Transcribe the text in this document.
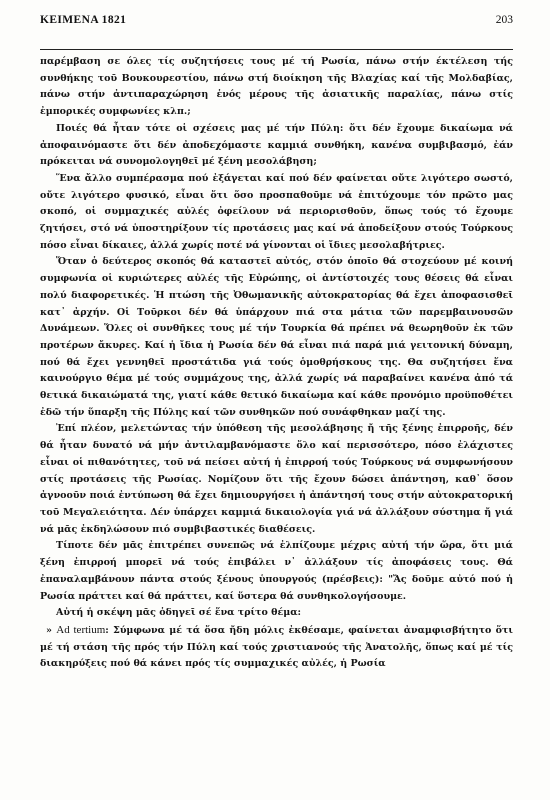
ΚΕΙΜΕΝΑ 1821	203

παρέμβαση σε όλες τίς συζητήσεις τους μέ τή Ρωσία, πάνω στήν έκτέλεση τής συνθήκης τοῦ Βουκουρεστίου, πάνω στή διοίκηση τῆς Βλαχίας καί τῆς Μολδαβίας, πάνω στήν ἀντιπαραχώρηση ἑνός μέρους τῆς ἀσιατικῆς παραλίας, πάνω στίς ἐμπορικές συμφωνίες κλπ.;

Ποιές θά ἦταν τότε οἱ σχέσεις μας μέ τήν Πύλη: ὅτι δέν ἔχουμε δικαίωμα νά ἀποφαινόμαστε ὅτι δέν ἀποδεχόμαστε καμμιά συνθήκη, κανένα συμβιβασμό, ἐάν πρόκειται νά συνομολογηθεῖ μέ ξένη μεσολάβηση;

Ἕνα ἄλλο συμπέρασμα πού ἐξάγεται καί πού δέν φαίνεται οὔτε λιγότερο σωστό, οὔτε λιγότερο φυσικό, εἶναι ὅτι ὅσο προσπαθοῦμε νά ἐπιτύχουμε τόν πρῶτο μας σκοπό, οἱ συμμαχικές αὐλές ὀφείλουν νά περιορισθοῦν, ὅπως τούς τό ἔχουμε ζητήσει, στό νά ὑποστηρίξουν τίς προτάσεις μας καί νά ἀποδείξουν στούς Τούρκους πόσο εἶναι δίκαιες, ἀλλά χωρίς ποτέ νά γίνονται οἱ ἴδιες μεσολαβήτριες.

Ὅταν ὁ δεύτερος σκοπός θά καταστεῖ αὐτός, στόν ὁποῖο θά στοχεύουν μέ κοινή συμφωνία οἱ κυριώτερες αὐλές τῆς Εὐρώπης, οἱ ἀντίστοιχές τους θέσεις θά εἶναι πολύ διαφορετικές. Ἡ πτώση τῆς Ὀθωμανικῆς αὐτοκρατορίας θά ἔχει ἀποφασισθεῖ κατ᾽ ἀρχήν. Οἱ Τοῦρκοι δέν θά ὑπάρχουν πιά στα μάτια τῶν παρεμβαινουσῶν Δυνάμεων. Ὅλες οἱ συνθῆκες τους μέ τήν Τουρκία θά πρέπει νά θεωρηθοῦν ἐκ τῶν προτέρων ἄκυρες. Καί ἡ ἴδια ἡ Ρωσία δέν θά εἶναι πιά παρά μιά γειτονική δύναμη, πού θά ἔχει γεννηθεῖ προστάτιδα γιά τούς ὁμοθρήσκους της. Θα συζητήσει ἕνα καινούργιο θέμα μέ τούς συμμάχους της, ἀλλά χωρίς νά παραβαίνει κανένα ἀπό τά θετικά δικαιώματά της, γιατί κάθε θετικό δικαίωμα καί κάθε προνόμιο προϋποθέτει ἐδῶ τήν ὕπαρξη τῆς Πύλης καί τῶν συνθηκῶν πού συνάφθηκαν μαζί της.

Ἐπί πλέον, μελετώντας τήν ὑπόθεση τῆς μεσολάβησης ἤ τῆς ξένης ἐπιρροῆς, δέν θά ἦταν δυνατό νά μήν ἀντιλαμβανόμαστε ὅλο καί περισσότερο, πόσο ἐλάχιστες εἶναι οἱ πιθανότητες, τοῦ νά πείσει αὐτή ἡ ἐπιρροή τούς Τούρκους νά συμφωνήσουν στίς προτάσεις τῆς Ρωσίας. Νομίζουν ὅτι τῆς ἔχουν δώσει ἀπάντηση, καθ᾽ ὅσον ἀγνοοῦν ποιά ἐντύπωση θά ἔχει δημιουργήσει ἡ ἀπάντησή τους στήν αὐτοκρατορική τοῦ Μεγαλειότητα. Δέν ὑπάρχει καμμιά δικαιολογία γιά νά ἀλλάξουν σύστημα ἤ γιά νά μᾶς ἐκδηλώσουν πιό συμβιβαστικές διαθέσεις.

Τίποτε δέν μᾶς ἐπιτρέπει συνεπῶς νά ἐλπίζουμε μέχρις αὐτή τήν ὥρα, ὅτι μιά ξένη ἐπιρροή μπορεῖ νά τούς ἐπιβάλει ν᾽ ἀλλάξουν τίς ἀποφάσεις τους. Θά ἐπαναλαμβάνουν πάντα στούς ξένους ὑπουργούς (πρέσβεις): "Ἄς δοῦμε αὐτό πού ἡ Ρωσία πράττει καί θά πράττει, καί ὕστερα θά συνθηκολογήσουμε.

Αὐτή ἡ σκέψη μᾶς ὁδηγεῖ σέ ἕνα τρίτο θέμα:

» Ad tertium: Σύμφωνα μέ τά ὅσα ἤδη μόλις ἐκθέσαμε, φαίνεται ἀναμφισβήτητο ὅτι μέ τή στάση τῆς πρός τήν Πύλη καί τούς χριστιανούς τῆς Ἀνατολῆς, ὅπως καί μέ τίς διακηρύξεις πού θά κάνει πρός τίς συμμαχικές αὐλές, ἡ Ρωσία
